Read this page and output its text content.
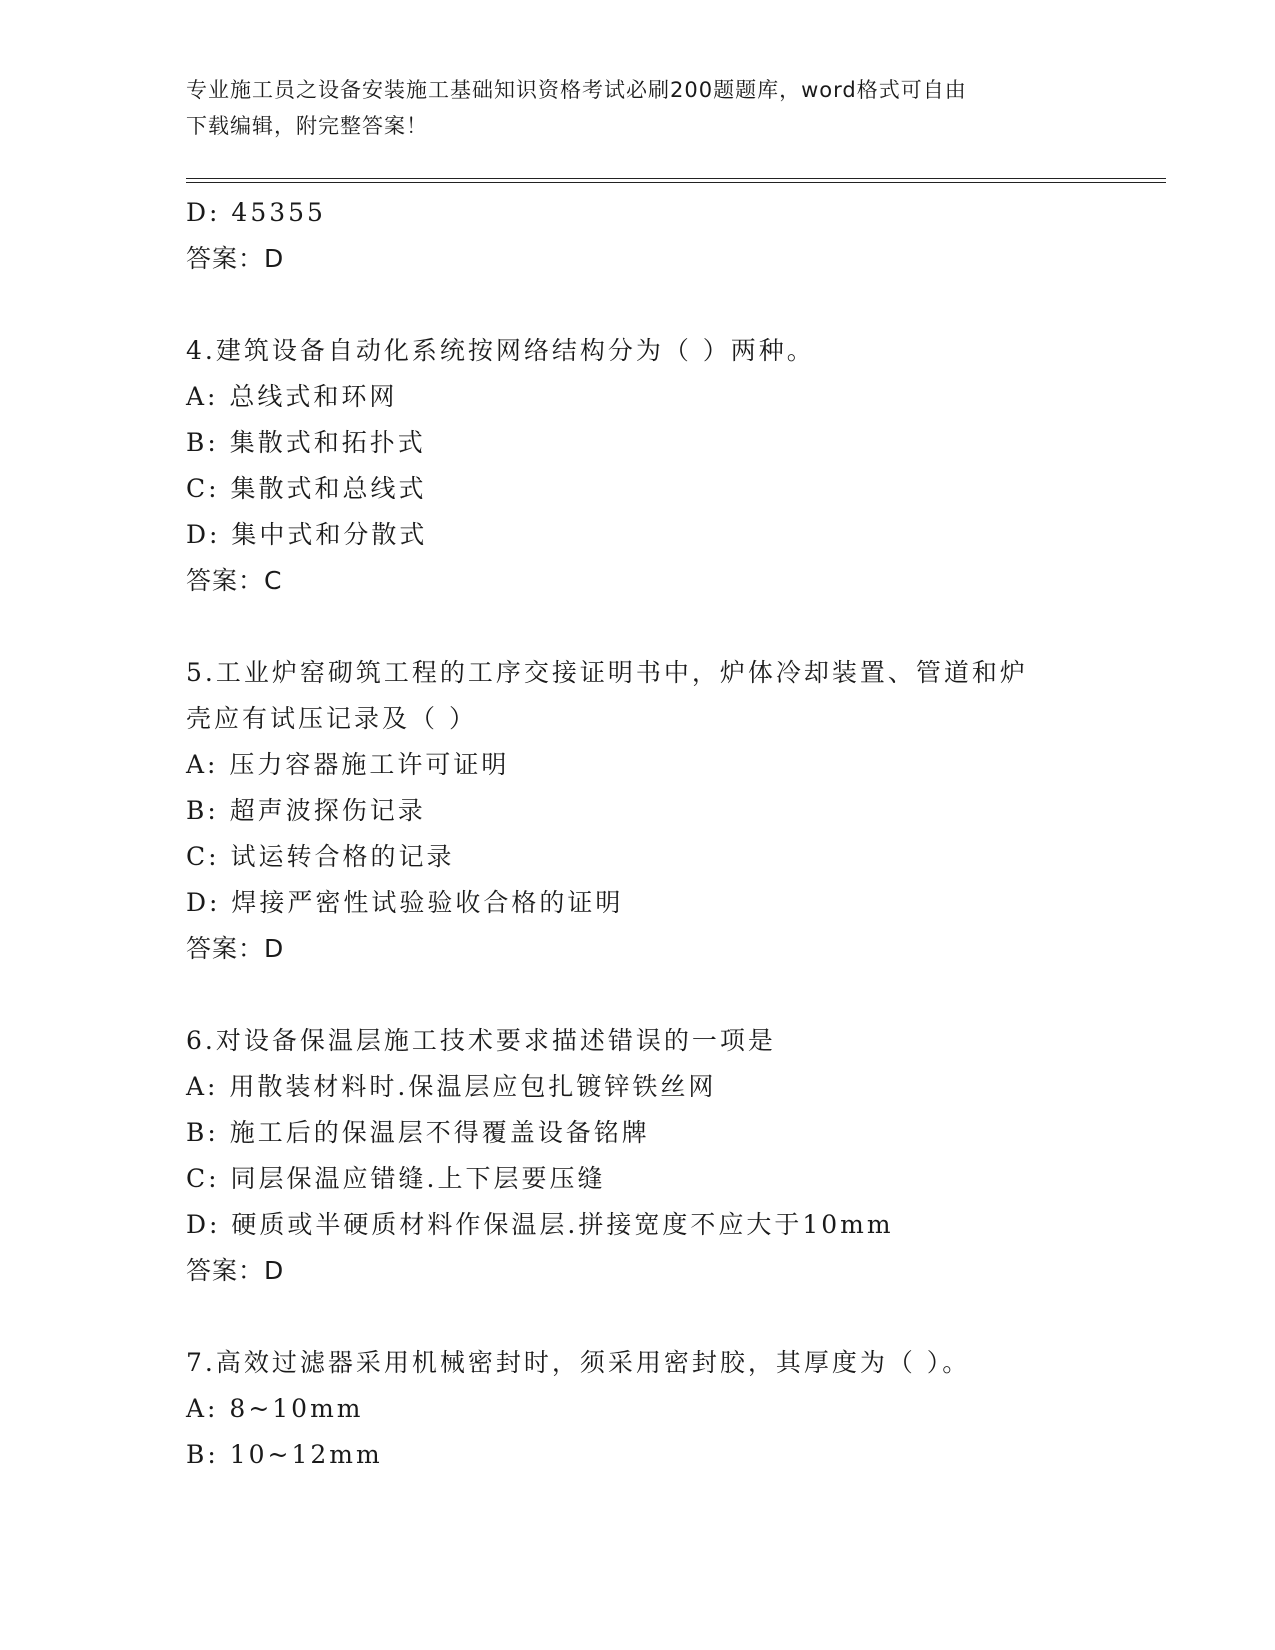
专业施工员之设备安装施工基础知识资格考试必刷200题题库，word格式可自由
下载编辑，附完整答案！
D: 45355
答案：D
4.建筑设备自动化系统按网络结构分为（ ）两种。
A: 总线式和环网
B: 集散式和拓扑式
C: 集散式和总线式
D: 集中式和分散式
答案：C
5.工业炉窑砌筑工程的工序交接证明书中，炉体冷却装置、管道和炉
壳应有试压记录及（ ）
A: 压力容器施工许可证明
B: 超声波探伤记录
C: 试运转合格的记录
D: 焊接严密性试验验收合格的证明
答案：D
6.对设备保温层施工技术要求描述错误的一项是
A: 用散装材料时.保温层应包扎镀锌铁丝网
B: 施工后的保温层不得覆盖设备铭牌
C: 同层保温应错缝.上下层要压缝
D: 硬质或半硬质材料作保温层.拼接宽度不应大于10mm
答案：D
7.高效过滤器采用机械密封时，须采用密封胶，其厚度为（ ）。
A: 8~10mm
B: 10~12mm
